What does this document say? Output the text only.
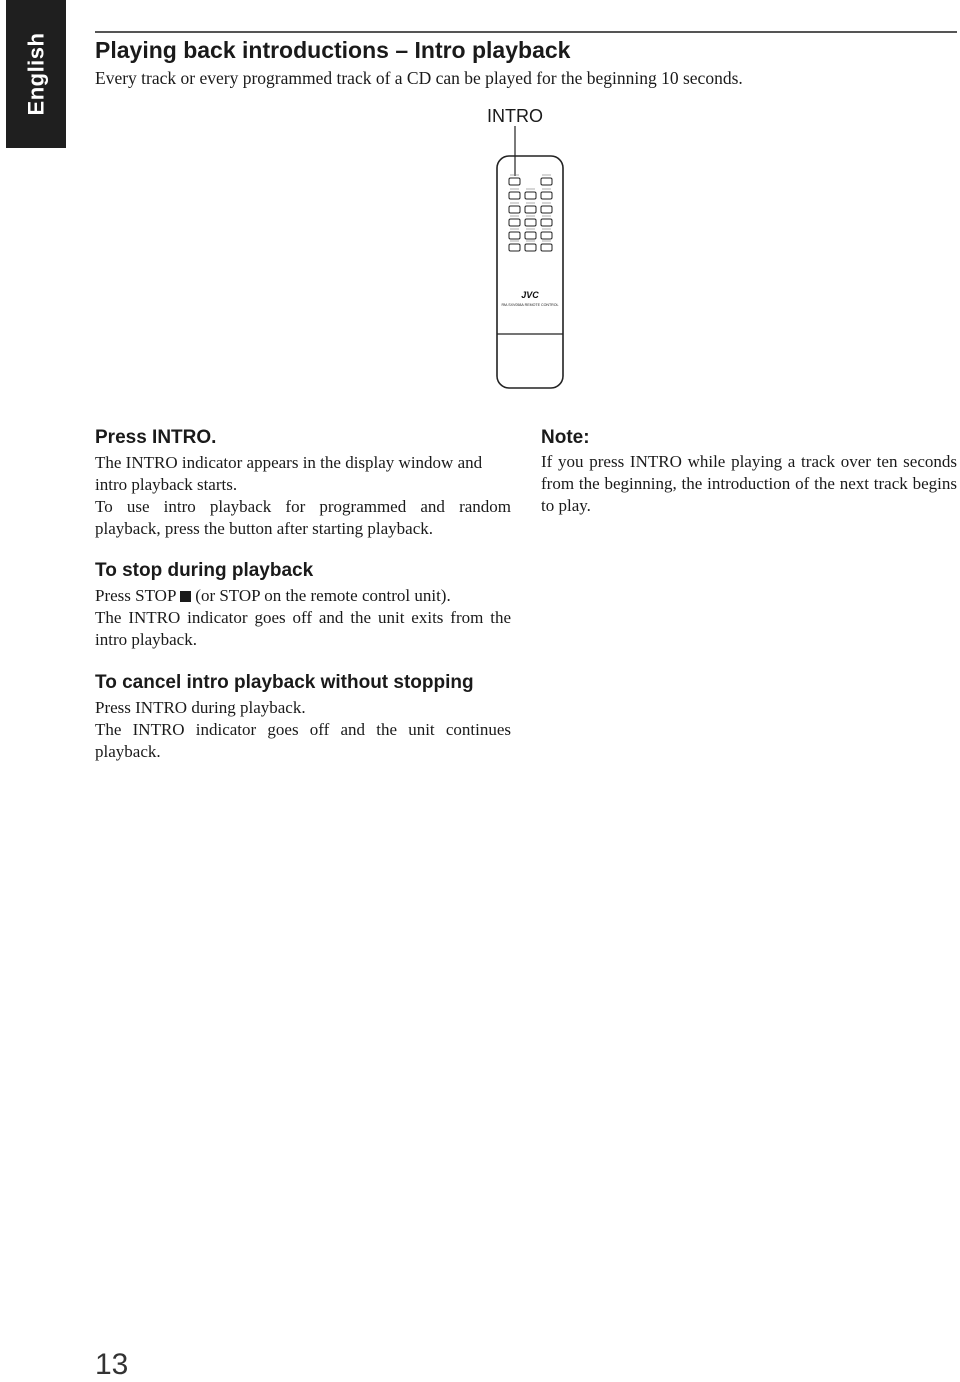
English Playing back introductions – Intro playback

Every track or every programmed track of a CD can be played for the beginning 10 seconds.

INTRO
JVC
RM-SXV058A REMOTE CONTROL
Press INTRO.

The INTRO indicator appears in the display window and intro playback starts.

To use intro playback for programmed and random playback, press the button after starting playback.

Note:

If you press INTRO while playing a track over ten seconds from the beginning, the introduction of the next track begins to play.

To stop during playback

Press STOP (or STOP on the remote control unit).

The INTRO indicator goes off and the unit exits from the intro playback.

To cancel intro playback without stopping

Press INTRO during playback.

The INTRO indicator goes off and the unit continues playback.

13
